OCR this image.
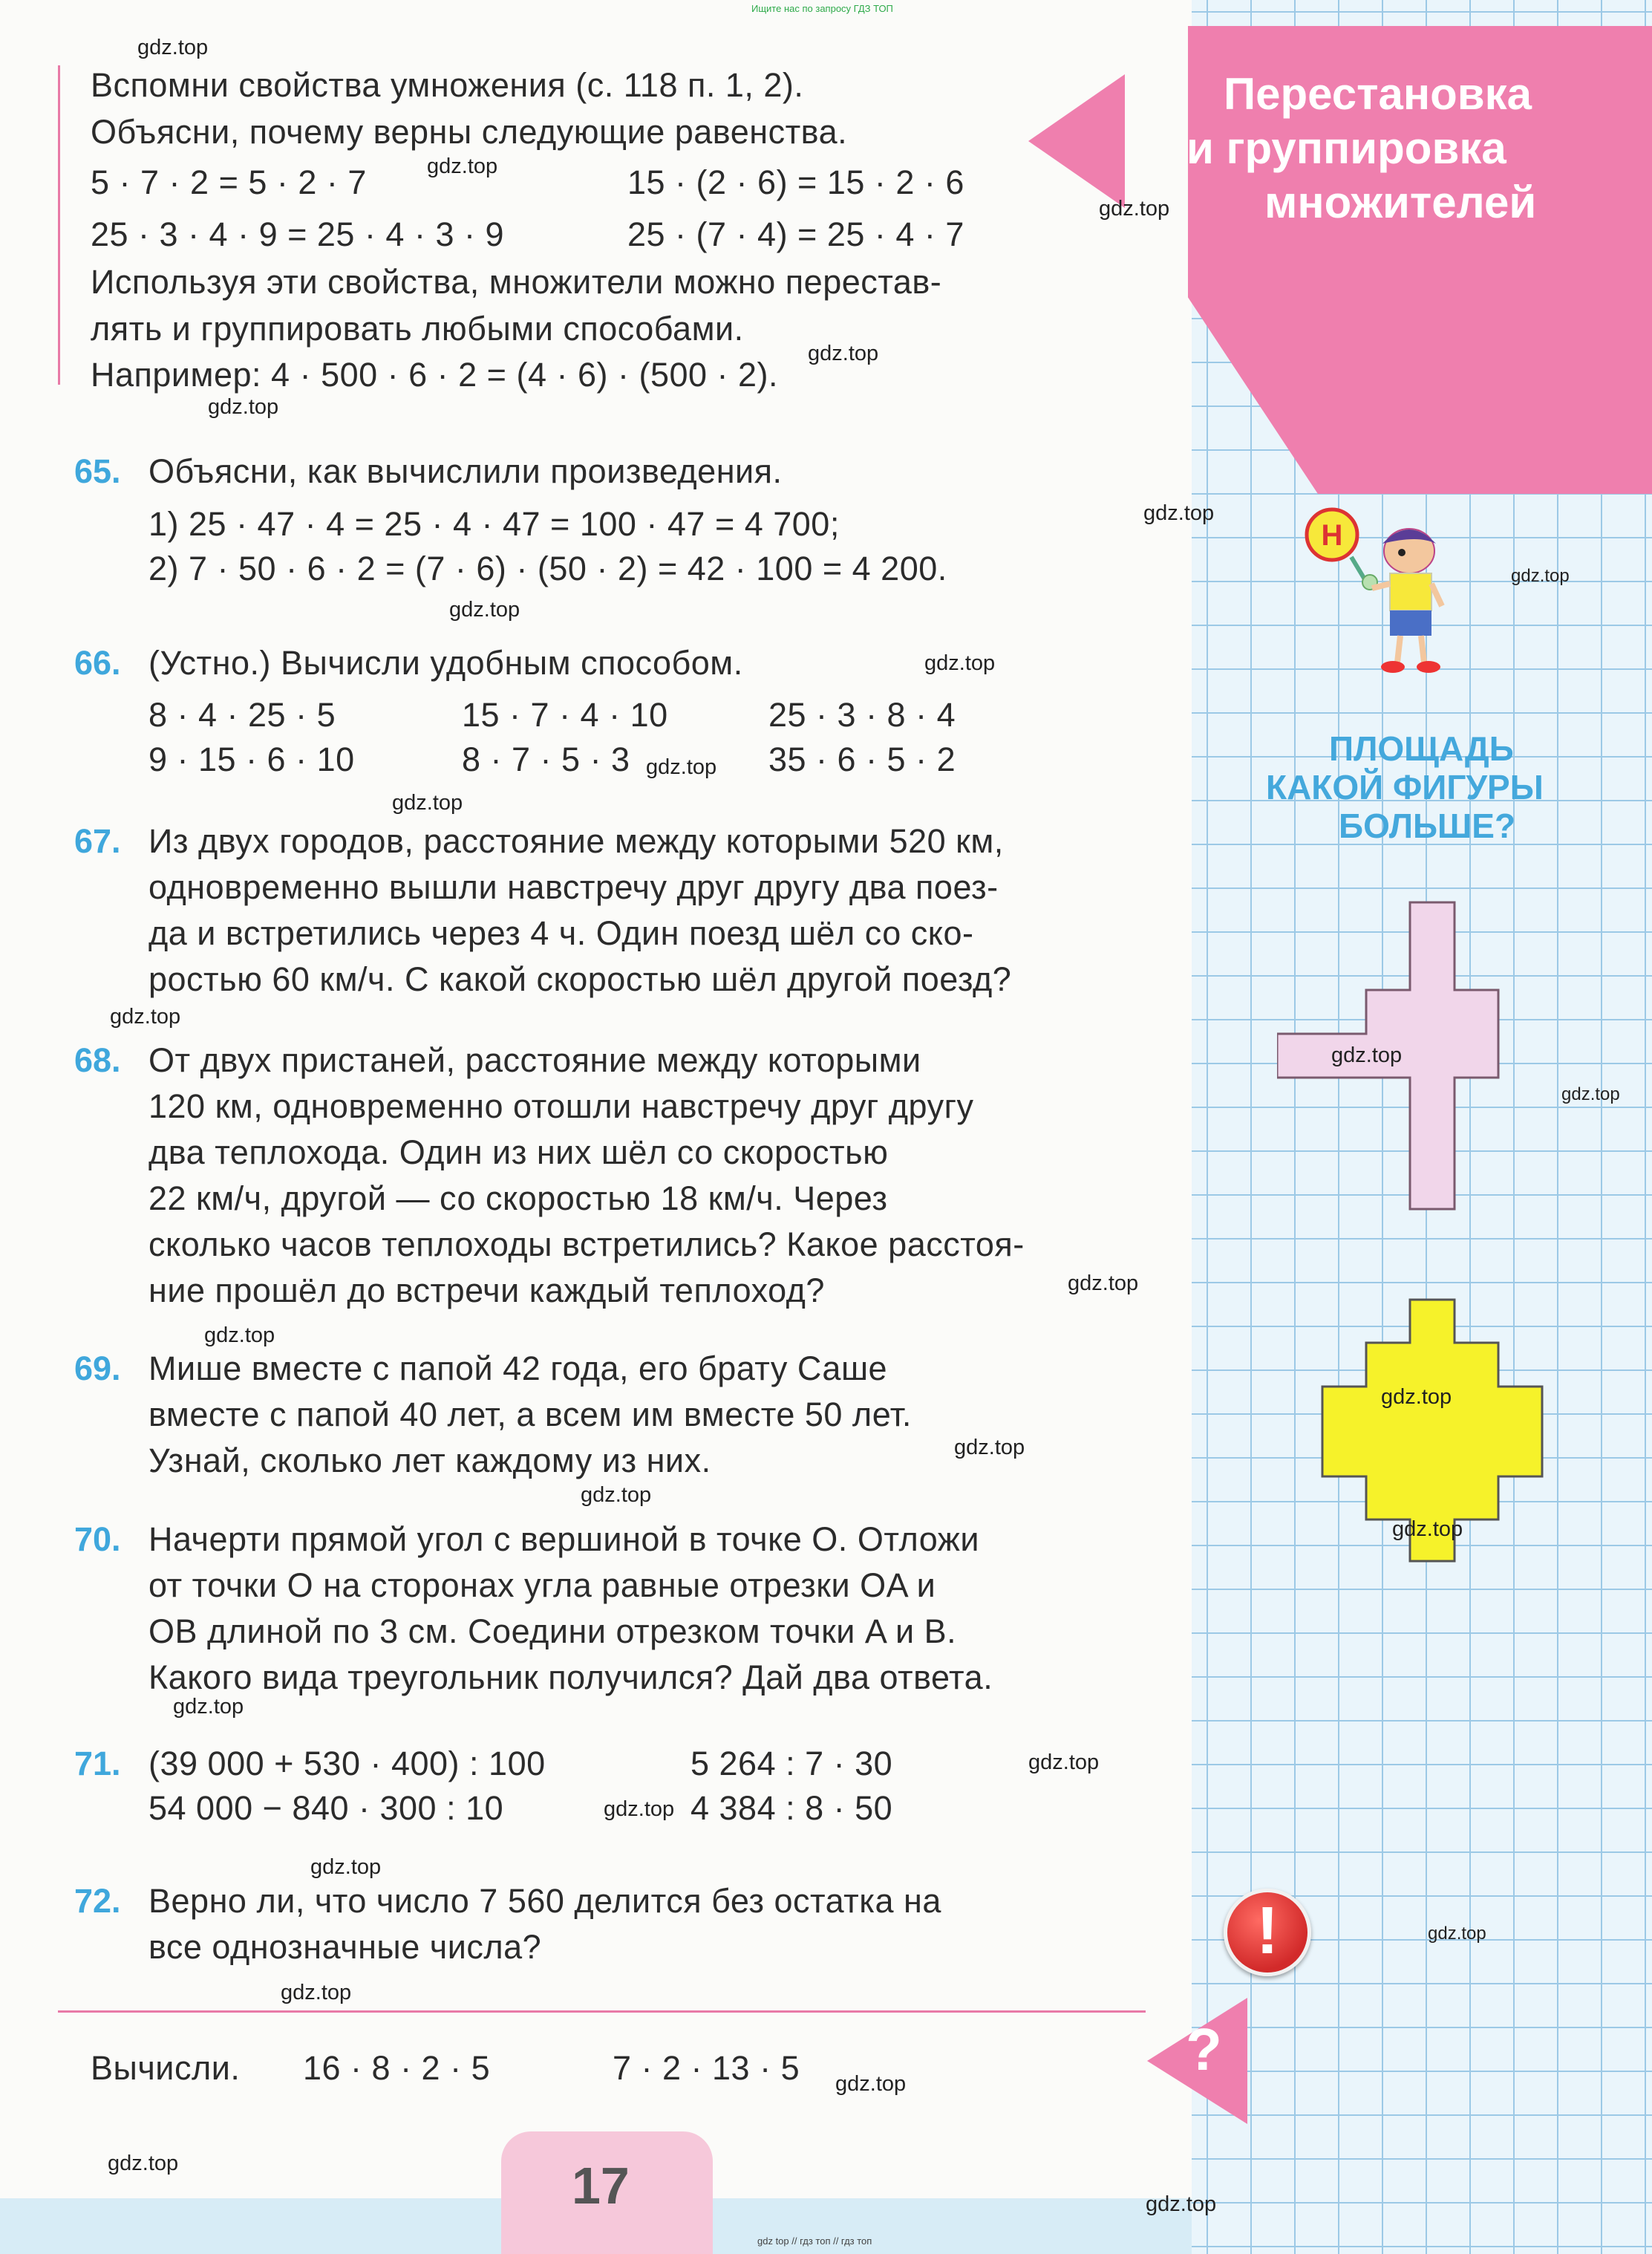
Ищите нас по запросу ГДЗ ТОП
Перестановка
и группировка
множителей
Вспомни свойства умножения (с. 118 п. 1, 2).
Объясни, почему верны следующие равенства.
5 · 7 · 2 = 5 · 2 · 7	15 · (2 · 6) = 15 · 2 · 6
25 · 3 · 4 · 9 = 25 · 4 · 3 · 9	25 · (7 · 4) = 25 · 4 · 7
Используя эти свойства, множители можно перестав-
лять и группировать любыми способами.
Например: 4 · 500 · 6 · 2 = (4 · 6) · (500 · 2).
65. Объясни, как вычислили произведения.
1) 25 · 47 · 4 = 25 · 4 · 47 = 100 · 47 = 4 700;
2) 7 · 50 · 6 · 2 = (7 · 6) · (50 · 2) = 42 · 100 = 4 200.
66. (Устно.) Вычисли удобным способом.
8 · 4 · 25 · 5	15 · 7 · 4 · 10	25 · 3 · 8 · 4
9 · 15 · 6 · 10	8 · 7 · 5 · 3	35 · 6 · 5 · 2
67. Из двух городов, расстояние между которыми 520 км,
одновременно вышли навстречу друг другу два поез-
да и встретились через 4 ч. Один поезд шёл со ско-
ростью 60 км/ч. С какой скоростью шёл другой поезд?
68. От двух пристаней, расстояние между которыми
120 км, одновременно отошли навстречу друг другу
два теплохода. Один из них шёл со скоростью
22 км/ч, другой — со скоростью 18 км/ч. Через
сколько часов теплоходы встретились? Какое расстоя-
ние прошёл до встречи каждый теплоход?
69. Мише вместе с папой 42 года, его брату Саше
вместе с папой 40 лет, а всем им вместе 50 лет.
Узнай, сколько лет каждому из них.
70. Начерти прямой угол с вершиной в точке O. Отложи
от точки O на сторонах угла равные отрезки OA и
OB длиной по 3 см. Соедини отрезком точки A и B.
Какого вида треугольник получился? Дай два ответа.
71. (39 000 + 530 · 400) : 100	5 264 : 7 · 30
54 000 − 840 · 300 : 10	4 384 : 8 · 50
72. Верно ли, что число 7 560 делится без остатка на
все однозначные числа?
Вычисли. 16 · 8 · 2 · 5	7 · 2 · 13 · 5
17
Н
ПЛОЩАДЬ
КАКОЙ ФИГУРЫ
БОЛЬШЕ?
!
?
gdz.top
gdz.top
gdz.top
gdz.top
gdz.top
gdz.top
gdz.top
gdz.top
gdz.top
gdz.top
gdz.top
gdz.top
gdz.top
gdz.top
gdz.top
gdz.top
gdz.top
gdz.top
gdz.top
gdz.top
gdz.top
gdz.top
gdz.top
gdz.top
gdz.top
gdz.top
gdz.top
gdz.top
gdz.top
gdz top // гдз топ // гдз топ
